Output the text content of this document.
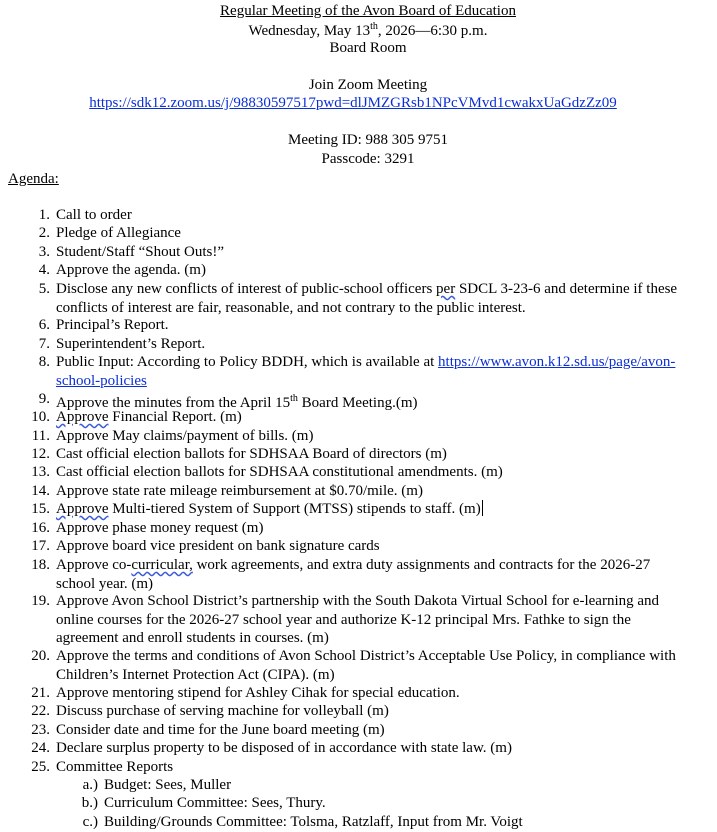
Regular Meeting of the Avon Board of Education
Wednesday, May 13th, 2026—6:30 p.m.
Board Room
Join Zoom Meeting
https://sdk12.zoom.us/j/98830597517pwd=dlJMZGRsb1NPcVMvd1cwakxUaGdzZz09
Meeting ID: 988 305 9751
Passcode: 3291
Agenda:
1. Call to order
2. Pledge of Allegiance
3. Student/Staff “Shout Outs!”
4. Approve the agenda. (m)
5. Disclose any new conflicts of interest of public-school officers per SDCL 3-23-6 and determine if these
conflicts of interest are fair, reasonable, and not contrary to the public interest.
6. Principal’s Report.
7. Superintendent’s Report.
8. Public Input: According to Policy BDDH, which is available at https://www.avon.k12.sd.us/page/avon-
school-policies
9. Approve the minutes from the April 15th Board Meeting.(m)
10. Approve Financial Report. (m)
11. Approve May claims/payment of bills. (m)
12. Cast official election ballots for SDHSAA Board of directors (m)
13. Cast official election ballots for SDHSAA constitutional amendments. (m)
14. Approve state rate mileage reimbursement at $0.70/mile. (m)
15. Approve Multi-tiered System of Support (MTSS) stipends to staff. (m)
16. Approve phase money request (m)
17. Approve board vice president on bank signature cards
18. Approve co-curricular, work agreements, and extra duty assignments and contracts for the 2026-27
school year. (m)
19. Approve Avon School District’s partnership with the South Dakota Virtual School for e-learning and
online courses for the 2026-27 school year and authorize K-12 principal Mrs. Fathke to sign the
agreement and enroll students in courses. (m)
20. Approve the terms and conditions of Avon School District’s Acceptable Use Policy, in compliance with
Children’s Internet Protection Act (CIPA). (m)
21. Approve mentoring stipend for Ashley Cihak for special education.
22. Discuss purchase of serving machine for volleyball (m)
23. Consider date and time for the June board meeting (m)
24. Declare surplus property to be disposed of in accordance with state law. (m)
25. Committee Reports
a.) Budget: Sees, Muller
b.) Curriculum Committee: Sees, Thury.
c.) Building/Grounds Committee: Tolsma, Ratzlaff, Input from Mr. Voigt
